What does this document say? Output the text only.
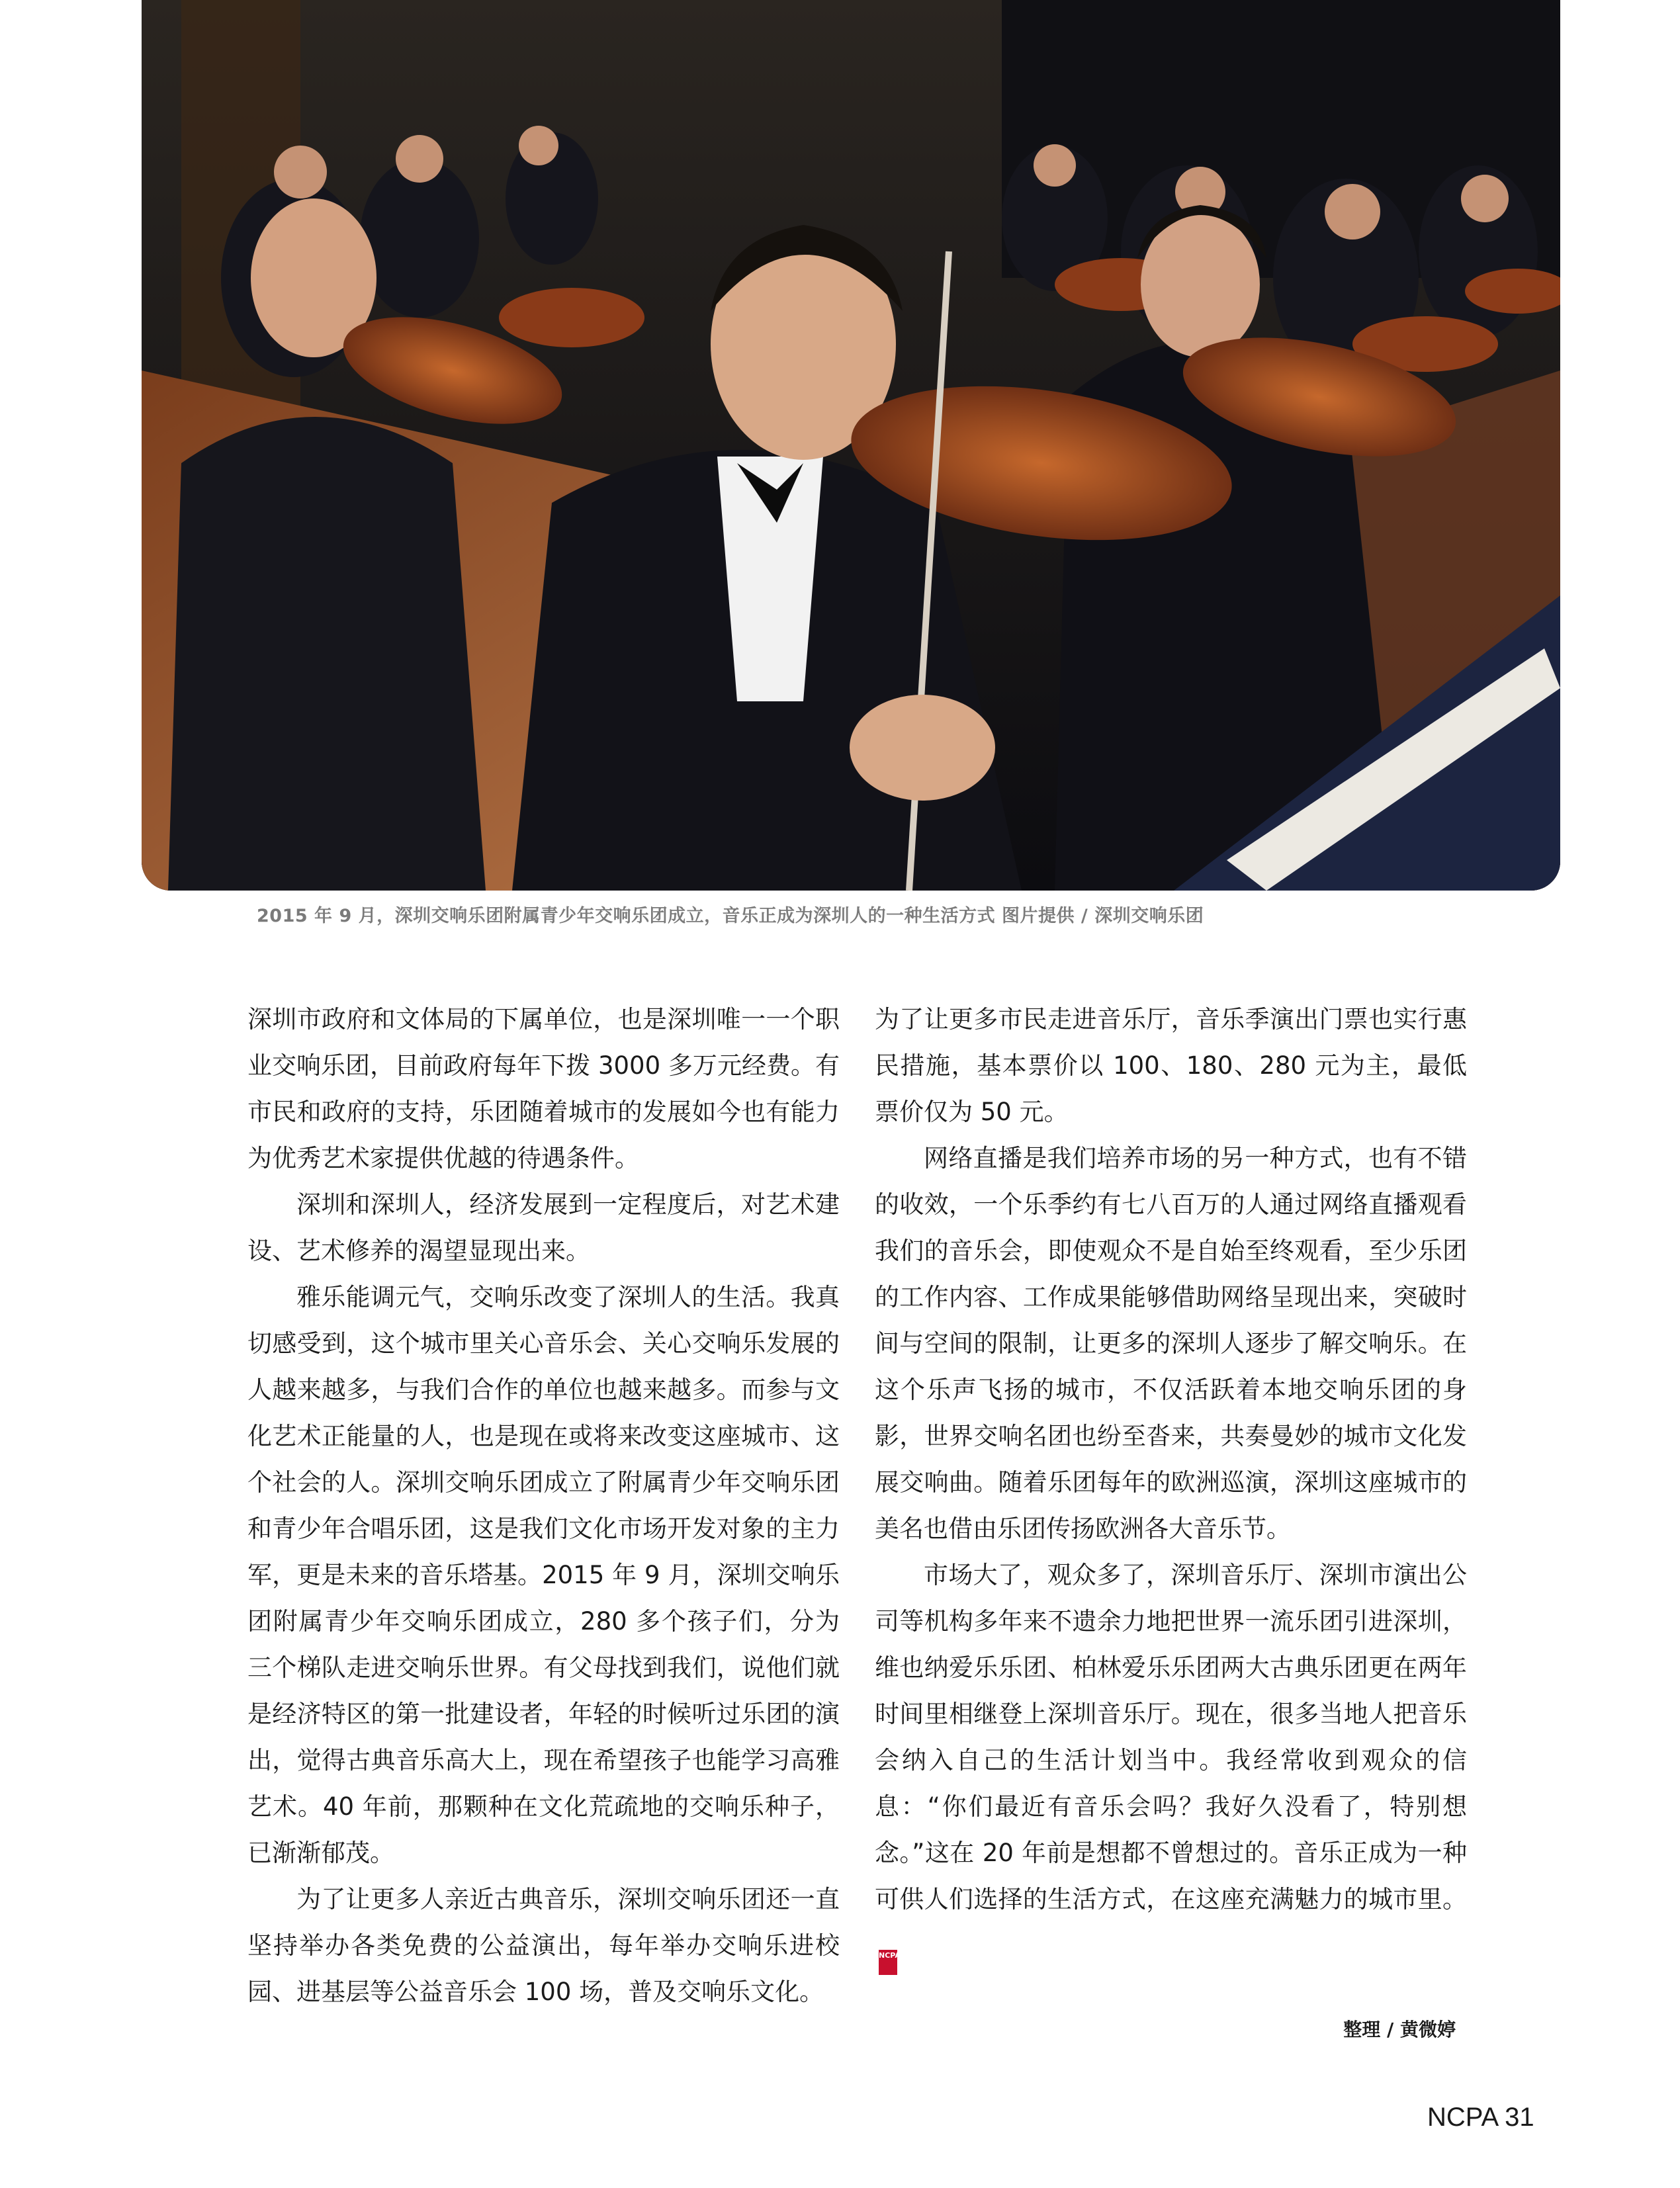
2015 年 9 月，深圳交响乐团附属青少年交响乐团成立，音乐正成为深圳人的一种生活方式 图片提供 / 深圳交响乐团

深圳市政府和文体局的下属单位，也是深圳唯一一个职业交响乐团，目前政府每年下拨 3000 多万元经费。有市民和政府的支持，乐团随着城市的发展如今也有能力为优秀艺术家提供优越的待遇条件。

深圳和深圳人，经济发展到一定程度后，对艺术建设、艺术修养的渴望显现出来。

雅乐能调元气，交响乐改变了深圳人的生活。我真切感受到，这个城市里关心音乐会、关心交响乐发展的人越来越多，与我们合作的单位也越来越多。而参与文化艺术正能量的人，也是现在或将来改变这座城市、这个社会的人。深圳交响乐团成立了附属青少年交响乐团和青少年合唱乐团，这是我们文化市场开发对象的主力军，更是未来的音乐塔基。2015 年 9 月，深圳交响乐团附属青少年交响乐团成立，280 多个孩子们，分为三个梯队走进交响乐世界。有父母找到我们，说他们就是经济特区的第一批建设者，年轻的时候听过乐团的演出，觉得古典音乐高大上，现在希望孩子也能学习高雅艺术。40 年前，那颗种在文化荒疏地的交响乐种子，已渐渐郁茂。

为了让更多人亲近古典音乐，深圳交响乐团还一直坚持举办各类免费的公益演出，每年举办交响乐进校园、进基层等公益音乐会 100 场，普及交响乐文化。

为了让更多市民走进音乐厅，音乐季演出门票也实行惠民措施，基本票价以 100、180、280 元为主，最低票价仅为 50 元。

网络直播是我们培养市场的另一种方式，也有不错的收效，一个乐季约有七八百万的人通过网络直播观看我们的音乐会，即使观众不是自始至终观看，至少乐团的工作内容、工作成果能够借助网络呈现出来，突破时间与空间的限制，让更多的深圳人逐步了解交响乐。在这个乐声飞扬的城市，不仅活跃着本地交响乐团的身影，世界交响名团也纷至沓来，共奏曼妙的城市文化发展交响曲。随着乐团每年的欧洲巡演，深圳这座城市的美名也借由乐团传扬欧洲各大音乐节。

市场大了，观众多了，深圳音乐厅、深圳市演出公司等机构多年来不遗余力地把世界一流乐团引进深圳，维也纳爱乐乐团、柏林爱乐乐团两大古典乐团更在两年时间里相继登上深圳音乐厅。现在，很多当地人把音乐会纳入自己的生活计划当中。我经常收到观众的信息：“你们最近有音乐会吗？我好久没看了，特别想念。”这在 20 年前是想都不曾想过的。音乐正成为一种可供人们选择的生活方式，在这座充满魅力的城市里。NCPA

整理 / 黄微婷
NCPA 31
